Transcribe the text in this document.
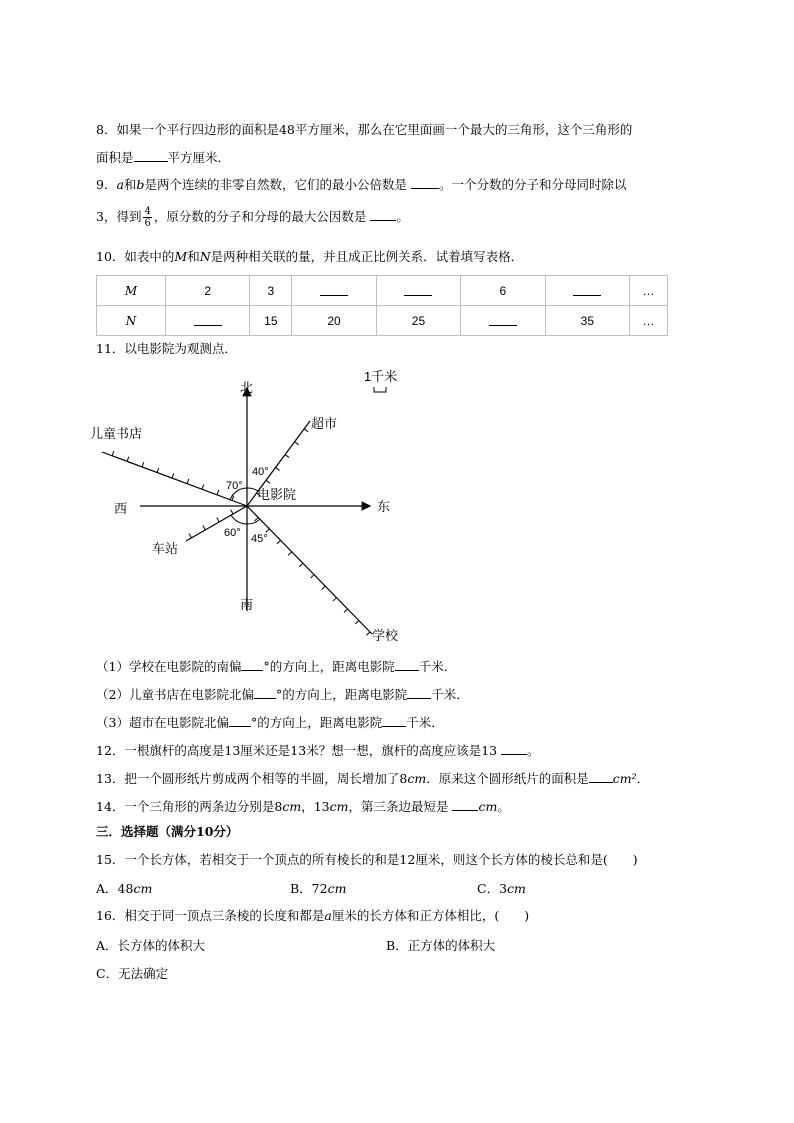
8．如果一个平行四边形的面积是48平方厘米，那么在它里面画一个最大的三角形，这个三角形的
面积是	平方厘米．
9．a和b是两个连续的非零自然数，它们的最小公倍数是	。一个分数的分子和分母同时除以
3，得到 $\frac{4}{6}$ ，原分数的分子和分母的最大公因数是 。
10．如表中的M和N是两种相关联的量，并且成正比例关系．试着填写表格．
M	2	3			6		…
N		15	20	25		35	…
11．以电影院为观测点．
1千米
北
南
东
西
电影院
超市
儿童书店
车站
学校
40°
70°
60° 45°
（1）学校在电影院的南偏 °的方向上，距离电影院 千米．
（2）儿童书店在电影院北偏 °的方向上，距离电影院 千米．
（3）超市在电影院北偏 °的方向上，距离电影院 千米．
12．一根旗杆的高度是13厘米还是13米？想一想，旗杆的高度应该是13 。
13．把一个圆形纸片剪成两个相等的半圆，周长增加了8cm．原来这个圆形纸片的面积是 cm²．
14．一个三角形的两条边分别是8cm，13cm，第三条边最短是 cm。
三．选择题（满分10分）
15．一个长方体，若相交于一个顶点的所有棱长的和是12厘米，则这个长方体的棱长总和是(　　)
A．48cm	B．72cm	C．3cm
16．相交于同一顶点三条棱的长度和都是a厘米的长方体和正方体相比，(　　)
A．长方体的体积大	B．正方体的体积大
C．无法确定
